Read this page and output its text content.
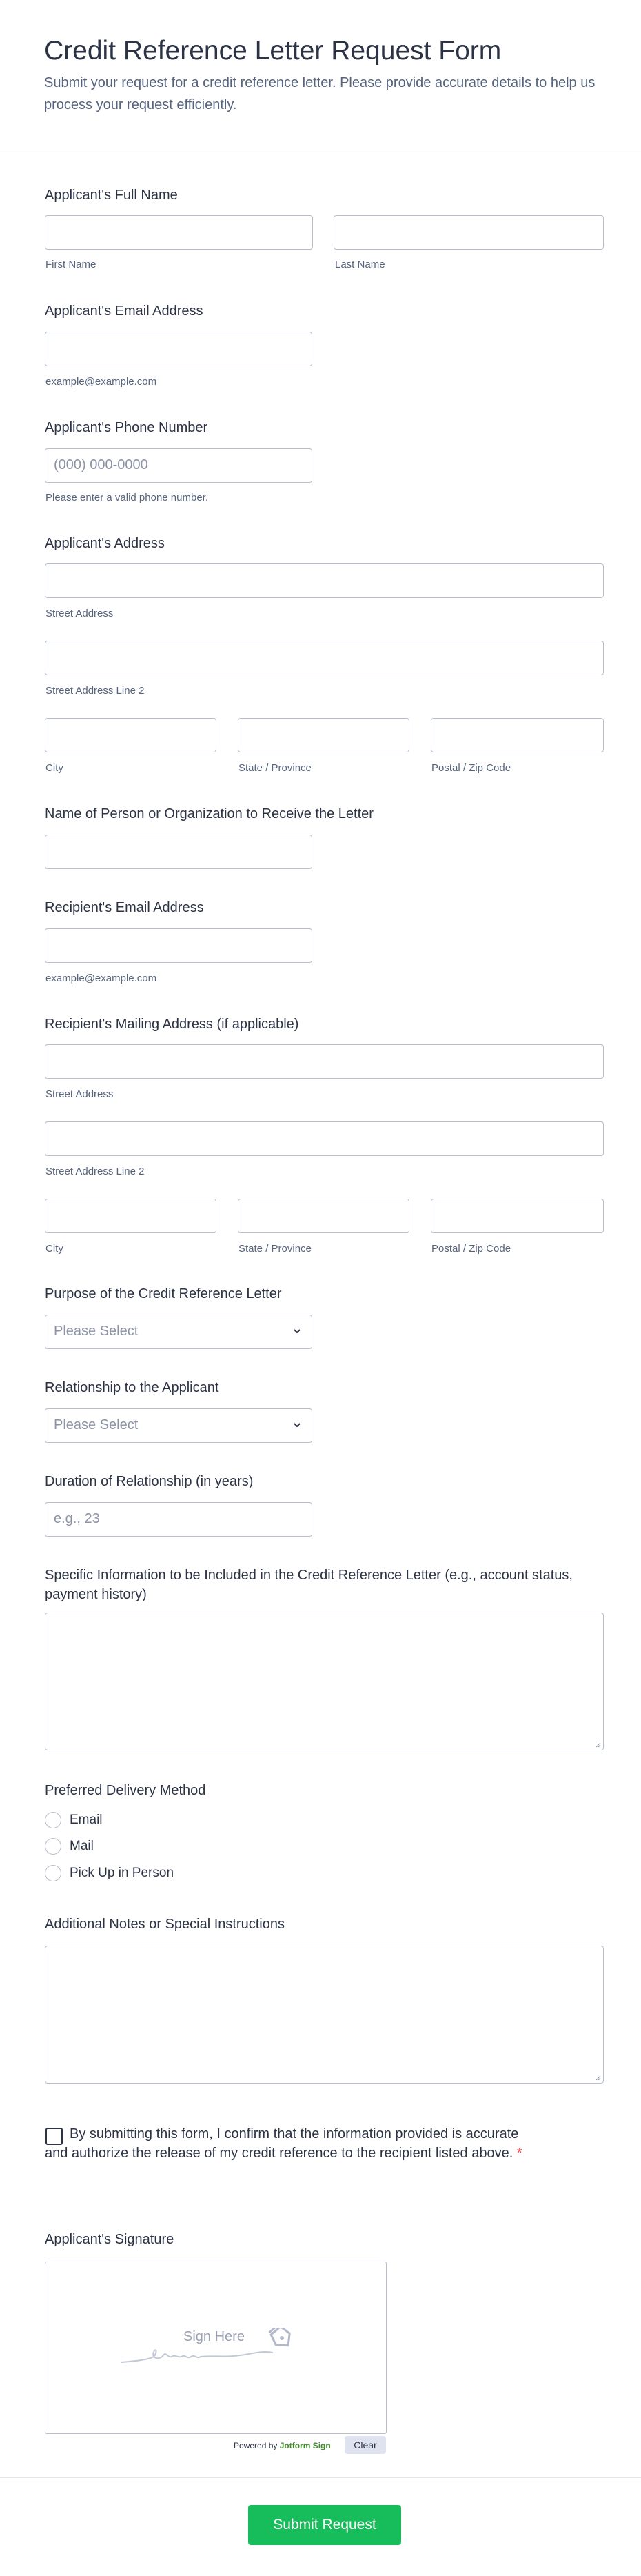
Credit Reference Letter Request Form

Submit your request for a credit reference letter. Please provide accurate details to help us process your request efficiently.

Applicant's Full Name
First Name	Last Name
Applicant's Email Address
example@example.com
Applicant's Phone Number
(000) 000-0000
Please enter a valid phone number.
Applicant's Address
Street Address
Street Address Line 2
City	State / Province	Postal / Zip Code
Name of Person or Organization to Receive the Letter
Recipient's Email Address
example@example.com
Recipient's Mailing Address (if applicable)
Street Address
Street Address Line 2
City	State / Province	Postal / Zip Code
Purpose of the Credit Reference Letter
Please Select
Relationship to the Applicant
Please Select
Duration of Relationship (in years)
e.g., 23
Specific Information to be Included in the Credit Reference Letter (e.g., account status, payment history)
Preferred Delivery Method
Email
Mail
Pick Up in Person
Additional Notes or Special Instructions
By submitting this form, I confirm that the information provided is accurate and authorize the release of my credit reference to the recipient listed above. *
Applicant's Signature
Sign Here
Powered by Jotform Sign	Clear
Submit Request
